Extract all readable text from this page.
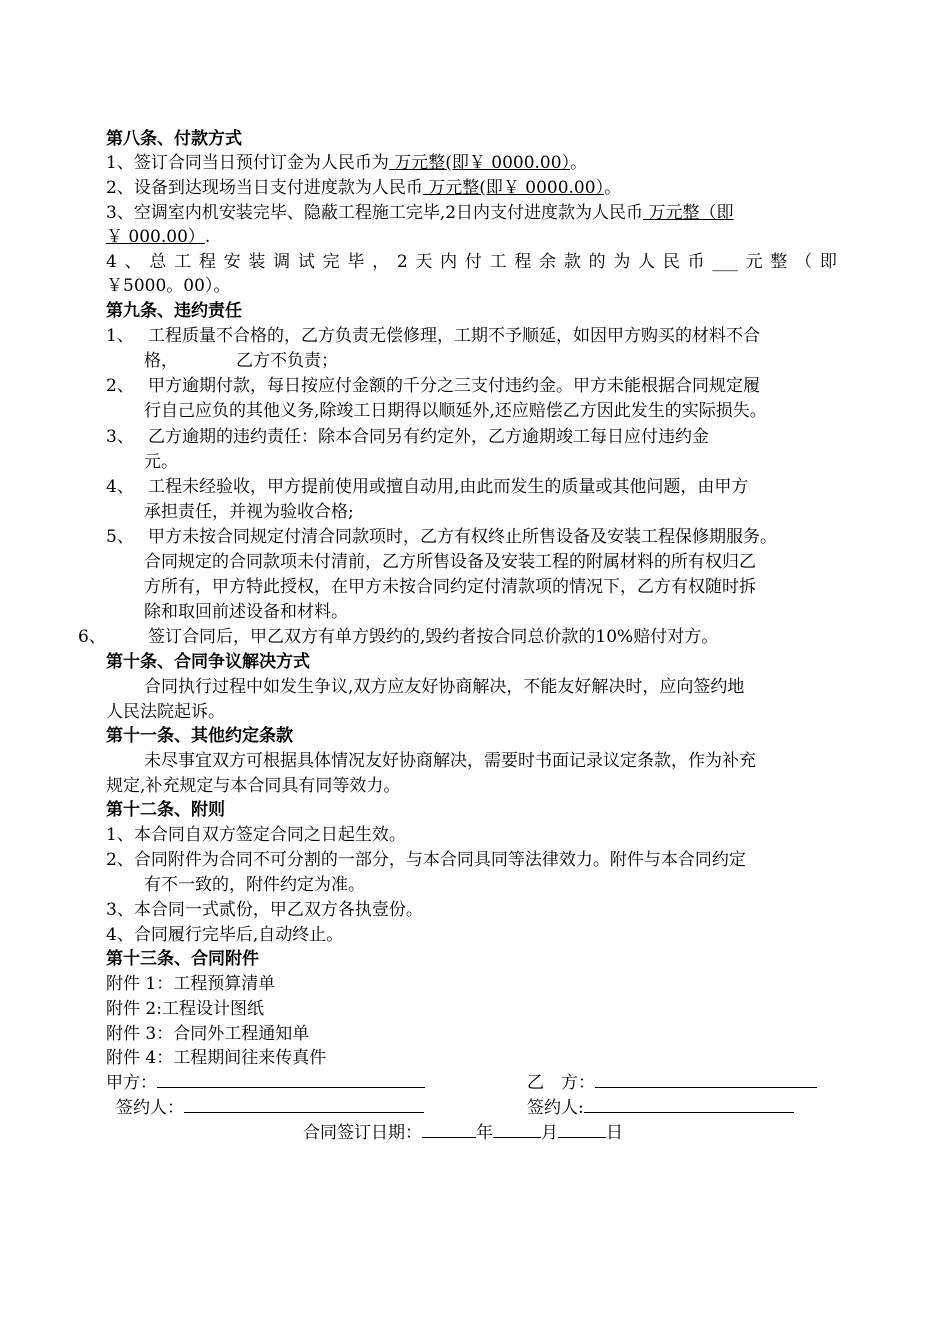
第八条、付款方式
1、签订合同当日预付订金为人民币为 万元整(即￥ 0000.00）。
2、设备到达现场当日支付进度款为人民币 万元整(即￥ 0000.00）。
3、空调室内机安装完毕、隐蔽工程施工完毕,2日内支付进度款为人民币 万元整（即
￥ 000.00）.
4 、 总 工 程 安 装 调 试 完 毕 ， 2 天 内 付 工 程 余 款 的 为 人 民 币 ___ 元 整 （ 即
￥5000。00）。
第九条、违约责任
1、 工程质量不合格的，乙方负责无偿修理，工期不予顺延，如因甲方购买的材料不合
格，	乙方不负责；
2、 甲方逾期付款，每日按应付金额的千分之三支付违约金。甲方未能根据合同规定履
行自己应负的其他义务,除竣工日期得以顺延外,还应赔偿乙方因此发生的实际损失。
3、 乙方逾期的违约责任：除本合同另有约定外，乙方逾期竣工每日应付违约金
元。
4、 工程未经验收，甲方提前使用或擅自动用,由此而发生的质量或其他问题，由甲方
承担责任，并视为验收合格;
5、 甲方未按合同规定付清合同款项时，乙方有权终止所售设备及安装工程保修期服务。
合同规定的合同款项未付清前，乙方所售设备及安装工程的附属材料的所有权归乙
方所有，甲方特此授权，在甲方未按合同约定付清款项的情况下，乙方有权随时拆
除和取回前述设备和材料。
6、 签订合同后，甲乙双方有单方毁约的,毁约者按合同总价款的10%赔付对方。
第十条、合同争议解决方式
合同执行过程中如发生争议,双方应友好协商解决，不能友好解决时，应向签约地
人民法院起诉。
第十一条、其他约定条款
未尽事宜双方可根据具体情况友好协商解决，需要时书面记录议定条款，作为补充
规定,补充规定与本合同具有同等效力。
第十二条、附则
1、本合同自双方签定合同之日起生效。
2、合同附件为合同不可分割的一部分，与本合同具同等法律效力。附件与本合同约定
有不一致的，附件约定为准。
3、本合同一式贰份，甲乙双方各执壹份。
4、合同履行完毕后,自动终止。
第十三条、合同附件
附件 1：工程预算清单
附件 2:工程设计图纸
附件 3：合同外工程通知单
附件 4：工程期间往来传真件
甲方：	乙　方：
签约人：	签约人:
合同签订日期：	年	月	日
